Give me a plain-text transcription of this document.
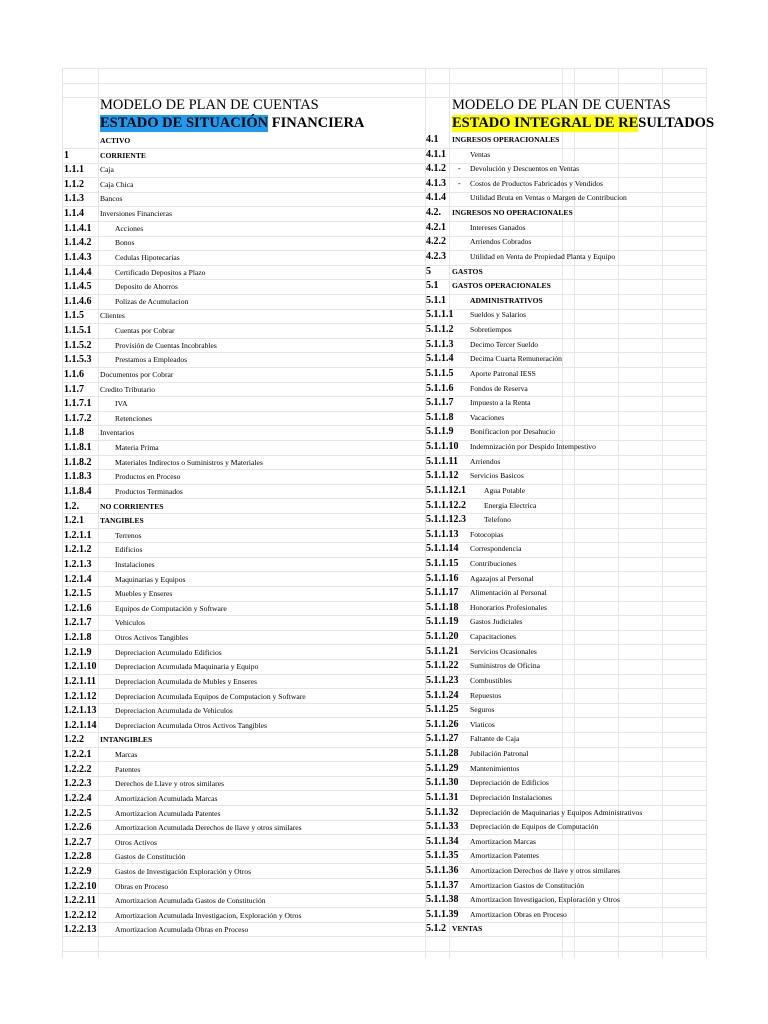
MODELO DE PLAN DE CUENTAS
ESTADO DE SITUACIÓN FINANCIERA
MODELO DE PLAN DE CUENTAS
ESTADO INTEGRAL DE RESULTADOS
ACTIVO
1	CORRIENTE
1.1.1 Caja
1.1.2 Caja Chica
1.1.3 Bancos
1.1.4 Inversiones Financieras
1.1.4.1	Acciones
1.1.4.2	Bonos
1.1.4.3	Cedulas Hipotecarias
1.1.4.4	Certificado Depositos a Plazo
1.1.4.5	Deposito de Ahorros
1.1.4.6	Polizas de Acumulacion
1.1.5 Clientes
1.1.5.1	Cuentas por Cobrar
1.1.5.2	Provisión de Cuentas Incobrables
1.1.5.3	Prestamos a Empleados
1.1.6 Documentos por Cobrar
1.1.7 Credito Tributario
1.1.7.1	IVA
1.1.7.2	Retenciones
1.1.8 Inventarios
1.1.8.1	Materia Prima
1.1.8.2	Materiales Indirectos o Suministros y Materiales
1.1.8.3	Productos en Proceso
1.1.8.4	Productos Terminados
1.2.	NO CORRIENTES
1.2.1 TANGIBLES
1.2.1.1	Terrenos
1.2.1.2	Edificios
1.2.1.3	Instalaciones
1.2.1.4	Maquinarias y Equipos
1.2.1.5	Muebles y Enseres
1.2.1.6	Equipos de Computación y Software
1.2.1.7	Vehiculos
1.2.1.8	Otros Activos Tangibles
1.2.1.9	Depreciacion Acumulado Edificios
1.2.1.10 Depreciacion Acumulada Maquinaria y Equipo
1.2.1.11	Depreciacion Acumulada de Mubles y Enseres
1.2.1.12 Depreciacion Acumulada Equipos de Computacion y Software
1.2.1.13 Depreciacion Acumulada de Vehiculos
1.2.1.14 Depreciacion Acumulada Otros Activos Tangibles
1.2.2 INTANGIBLES
1.2.2.1	Marcas
1.2.2.2	Patentes
1.2.2.3	Derechos de Llave y otros similares
1.2.2.4	Amortizacion Acumulada Marcas
1.2.2.5	Amortizacion Acumulada Patentes
1.2.2.6	Amortizacion Acumulada Derechos de llave y otros similares
1.2.2.7	Otros Activos
1.2.2.8	Gastos de Constitución
1.2.2.9	Gastos de Investigación Exploración y Otros
1.2.2.10 Obras en Proceso
1.2.2.11	Amortizacion Acumulada Gastos de Constitución
1.2.2.12 Amortizacion Acumulada Investigacion, Exploración y Otros
1.2.2.13 Amortizacion Acumulada Obras en Proceso
4.1 INGRESOS OPERACIONALES
4.1.1	Ventas
4.1.2 - Devolución y Descuentos en Ventas
4.1.3 - Costos de Productos Fabricados y Vendidos
4.1.4	Utilidad Bruta en Ventas o Margen de Contribucion
4.2. INGRESOS NO OPERACIONALES
4.2.1	Intereses Ganados
4.2.2	Arriendos Cobrados
4.2.3	Utilidad en Venta de Propiedad Planta y Equipo
5	GASTOS
5.1 GASTOS OPERACIONALES
5.1.1	ADMINISTRATIVOS
5.1.1.1 Sueldos y Salarios
5.1.1.2 Sobretiempos
5.1.1.3 Decimo Tercer Sueldo
5.1.1.4 Decima Cuarta Remuneración
5.1.1.5 Aporte Patronal IESS
5.1.1.6 Fondos de Reserva
5.1.1.7 Impuesto a la Renta
5.1.1.8 Vacaciones
5.1.1.9 Bonificacion por Desahucio
5.1.1.10 Indemnización por Despido Intempestivo
5.1.1.11 Arriendos
5.1.1.12 Servicios Basicos
5.1.1.12.1 Agua Potable
5.1.1.12.2 Energia Electrica
5.1.1.12.3 Telefono
5.1.1.13 Fotocopias
5.1.1.14 Correspondencia
5.1.1.15 Contribuciones
5.1.1.16 Agazajos al Personal
5.1.1.17 Alimentación al Personal
5.1.1.18 Honorarios Profesionales
5.1.1.19 Gastos Judiciales
5.1.1.20 Capacitaciones
5.1.1.21 Servicios Ocasionales
5.1.1.22 Suministros de Oficina
5.1.1.23 Combustibles
5.1.1.24 Repuestos
5.1.1.25 Seguros
5.1.1.26 Viaticos
5.1.1.27 Faltante de Caja
5.1.1.28 Jubilación Patronal
5.1.1.29 Mantenimientos
5.1.1.30 Depreciación de Edificios
5.1.1.31 Depreciación Instalaciones
5.1.1.32 Depreciación de Maquinarias y Equipos Administrativos
5.1.1.33 Depreciación de Equipos de Computación
5.1.1.34 Amortizacion Marcas
5.1.1.35 Amortizacion Patentes
5.1.1.36 Amortizacion Derechos de llave y otros similares
5.1.1.37 Amortizacion Gastos de Constitución
5.1.1.38 Amortizacion Investigacion, Exploración y Otros
5.1.1.39 Amortizacion Obras en Proceso
5.1.2 VENTAS
